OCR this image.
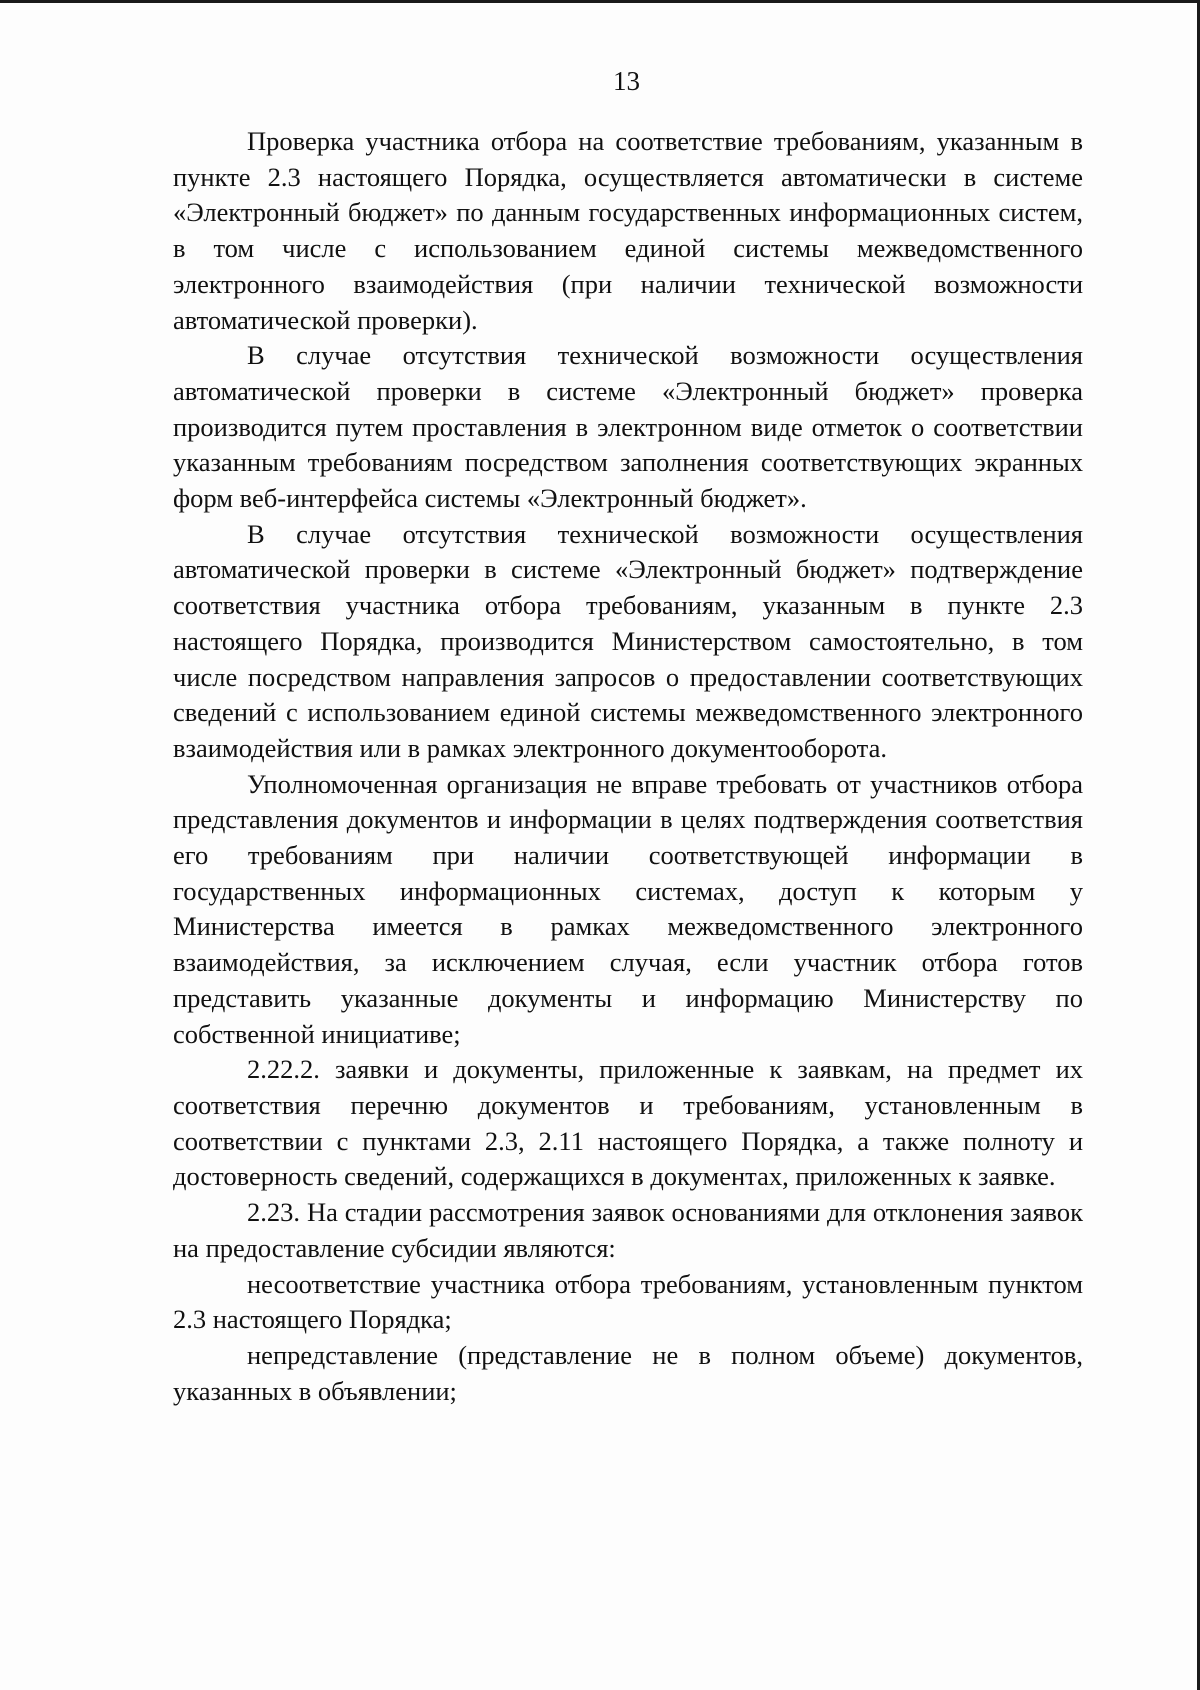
13

Проверка участника отбора на соответствие требованиям, указанным в пункте 2.3 настоящего Порядка, осуществляется автоматически в системе «Электронный бюджет» по данным государственных информационных систем, в том числе с использованием единой системы межведомственного электронного взаимодействия (при наличии технической возможности автоматической проверки).

В случае отсутствия технической возможности осуществления автоматической проверки в системе «Электронный бюджет» проверка производится путем проставления в электронном виде отметок о соответствии указанным требованиям посредством заполнения соответствующих экранных форм веб-интерфейса системы «Электронный бюджет».

В случае отсутствия технической возможности осуществления автоматической проверки в системе «Электронный бюджет» подтверждение соответствия участника отбора требованиям, указанным в пункте 2.3 настоящего Порядка, производится Министерством самостоятельно, в том числе посредством направления запросов о предоставлении соответствующих сведений с использованием единой системы межведомственного электронного взаимодействия или в рамках электронного документооборота.

Уполномоченная организация не вправе требовать от участников отбора представления документов и информации в целях подтверждения соответствия его требованиям при наличии соответствующей информации в государственных информационных системах, доступ к которым у Министерства имеется в рамках межведомственного электронного взаимодействия, за исключением случая, если участник отбора готов представить указанные документы и информацию Министерству по собственной инициативе;

2.22.2. заявки и документы, приложенные к заявкам, на предмет их соответствия перечню документов и требованиям, установленным в соответствии с пунктами 2.3, 2.11 настоящего Порядка, а также полноту и достоверность сведений, содержащихся в документах, приложенных к заявке.

2.23. На стадии рассмотрения заявок основаниями для отклонения заявок на предоставление субсидии являются:

несоответствие участника отбора требованиям, установленным пунктом 2.3 настоящего Порядка;

непредставление (представление не в полном объеме) документов, указанных в объявлении;
